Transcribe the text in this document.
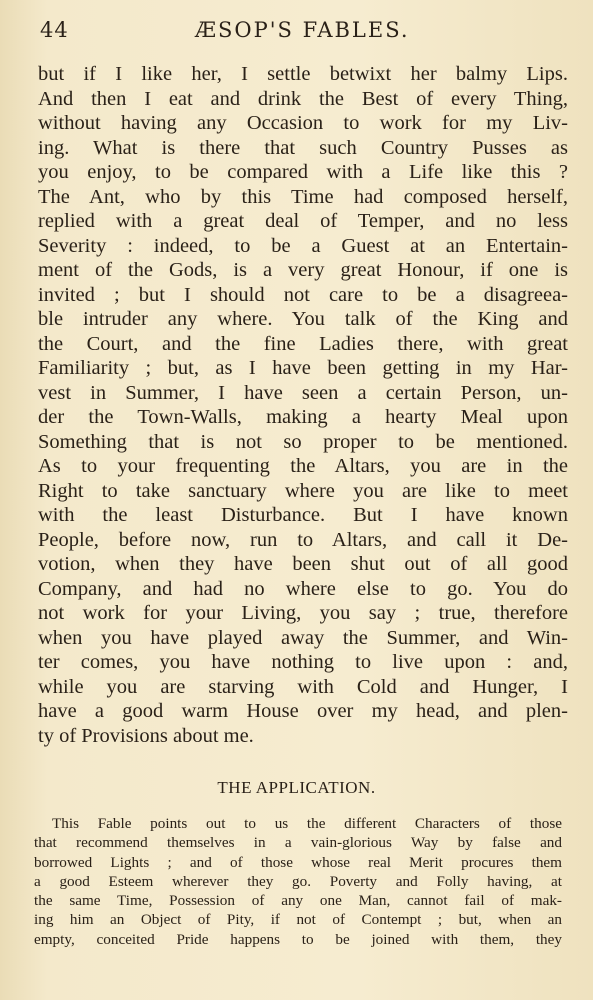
44	ÆSOP'S FABLES.
but if I like her, I settle betwixt her balmy Lips.
And then I eat and drink the Best of every Thing,
without having any Occasion to work for my Liv-
ing. What is there that such Country Pusses as
you enjoy, to be compared with a Life like this ?
The Ant, who by this Time had composed herself,
replied with a great deal of Temper, and no less
Severity : indeed, to be a Guest at an Entertain-
ment of the Gods, is a very great Honour, if one is
invited ; but I should not care to be a disagreea-
ble intruder any where. You talk of the King and
the Court, and the fine Ladies there, with great
Familiarity ; but, as I have been getting in my Har-
vest in Summer, I have seen a certain Person, un-
der the Town-Walls, making a hearty Meal upon
Something that is not so proper to be mentioned.
As to your frequenting the Altars, you are in the
Right to take sanctuary where you are like to meet
with the least Disturbance. But I have known
People, before now, run to Altars, and call it De-
votion, when they have been shut out of all good
Company, and had no where else to go. You do
not work for your Living, you say ; true, therefore
when you have played away the Summer, and Win-
ter comes, you have nothing to live upon : and,
while you are starving with Cold and Hunger, I
have a good warm House over my head, and plen-
ty of Provisions about me.
THE APPLICATION.
This Fable points out to us the different Characters of those
that recommend themselves in a vain-glorious Way by false and
borrowed Lights ; and of those whose real Merit procures them
a good Esteem wherever they go. Poverty and Folly having, at
the same Time, Possession of any one Man, cannot fail of mak-
ing him an Object of Pity, if not of Contempt ; but, when an
empty, conceited Pride happens to be joined with them, they
